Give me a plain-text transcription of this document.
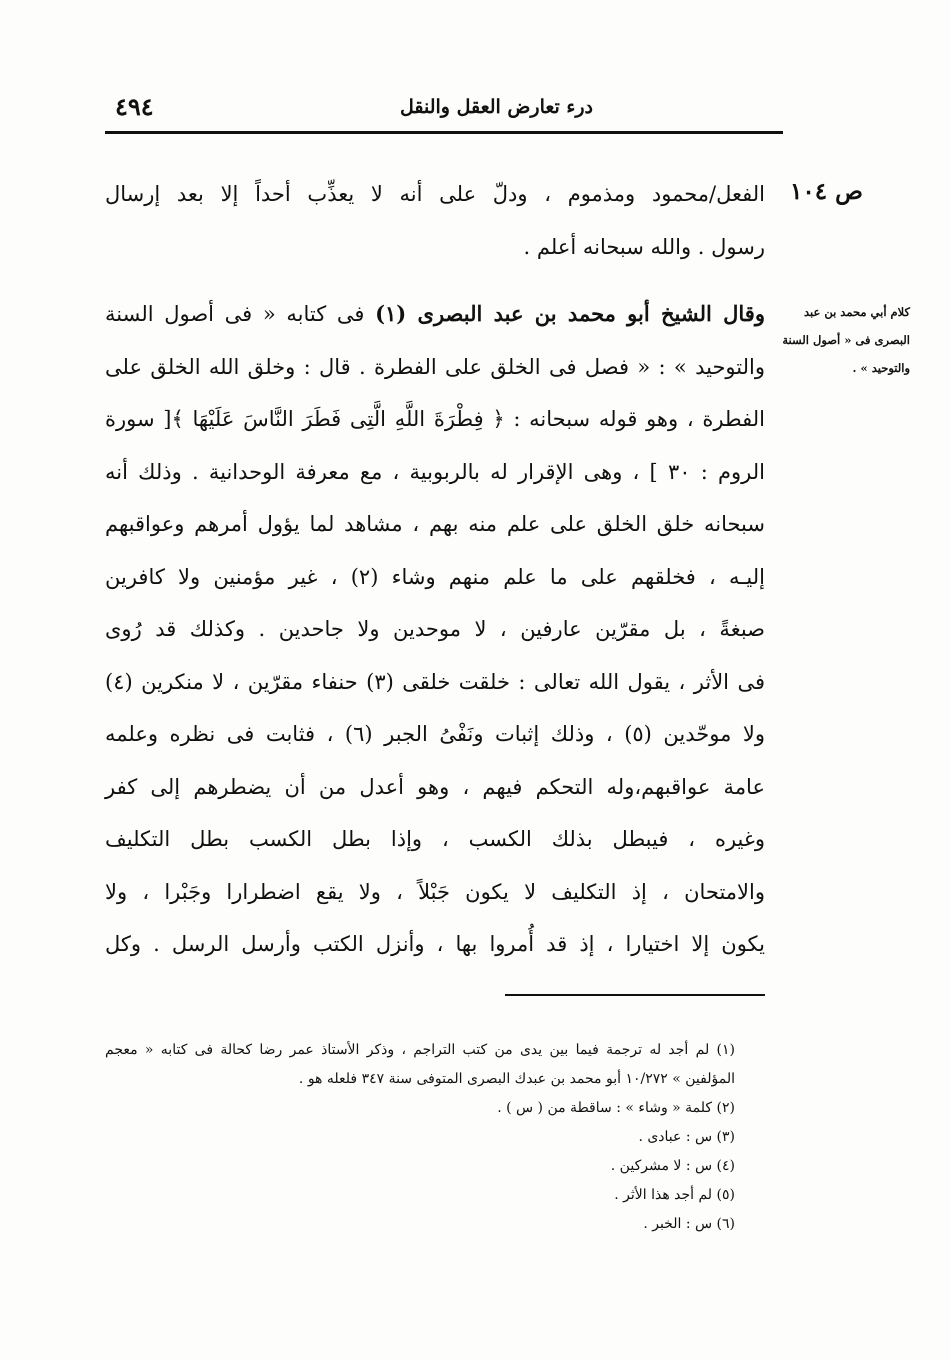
درء تعارض العقل والنقل
٤٩٤
ص ١٠٤
كلام أبي محمد بن عبد
البصرى فى « أصول السنة
والتوحيد » .
الفعل/محمود ومذموم ، ودلّ على أنه لا يعذِّب أحداً إلا بعد إرسال
رسول . والله سبحانه أعلم .
وقال الشيخ أبو محمد بن عبد البصرى (١) فى كتابه « فى أصول السنة
والتوحيد » : « فصل فى الخلق على الفطرة . قال : وخلق الله الخلق على
الفطرة ، وهو قوله سبحانه : ﴿ فِطْرَةَ اللَّهِ الَّتِى فَطَرَ النَّاسَ عَلَيْهَا ﴾[ سورة
الروم : ٣٠ ] ، وهى الإقرار له بالربوبية ، مع معرفة الوحدانية . وذلك أنه
سبحانه خلق الخلق على علم منه بهم ، مشاهد لما يؤول أمرهم وعواقبهم
إليـه ، فخلقهم على ما علم منهم وشاء (٢) ، غير مؤمنين ولا كافرين
صبغةً ، بل مقرّين عارفين ، لا موحدين ولا جاحدين . وكذلك قد رُوى
فى الأثر ، يقول الله تعالى : خلقت خلقى (٣) حنفاء مقرّين ، لا منكرين (٤)
ولا موحّدين (٥) ، وذلك إثبات ونَفْىُ الجبر (٦) ، فثابت فى نظره وعلمه
عامة عواقبهم،وله التحكم فيهم ، وهو أعدل من أن يضطرهم إلى كفر
وغيره ، فيبطل بذلك الكسب ، وإذا بطل الكسب بطل التكليف
والامتحان ، إذ التكليف لا يكون جَبْلاً ، ولا يقع اضطرارا وجَبْرا ، ولا
يكون إلا اختيارا ، إذ قد أُمروا بها ، وأنزل الكتب وأرسل الرسل . وكل
(١) لم أجد له ترجمة فيما بين يدى من كتب التراجم ، وذكر الأستاذ عمر رضا كحالة فى كتابه « معجم
المؤلفين » ١٠/٢٧٢ أبو محمد بن عبدك البصرى المتوفى سنة ٣٤٧ فلعله هو .
(٢) كلمة « وشاء » : ساقطة من ( س ) .
(٣) س : عبادى .
(٤) س : لا مشركين .
(٥) لم أجد هذا الأثر .
(٦) س : الخبر .
